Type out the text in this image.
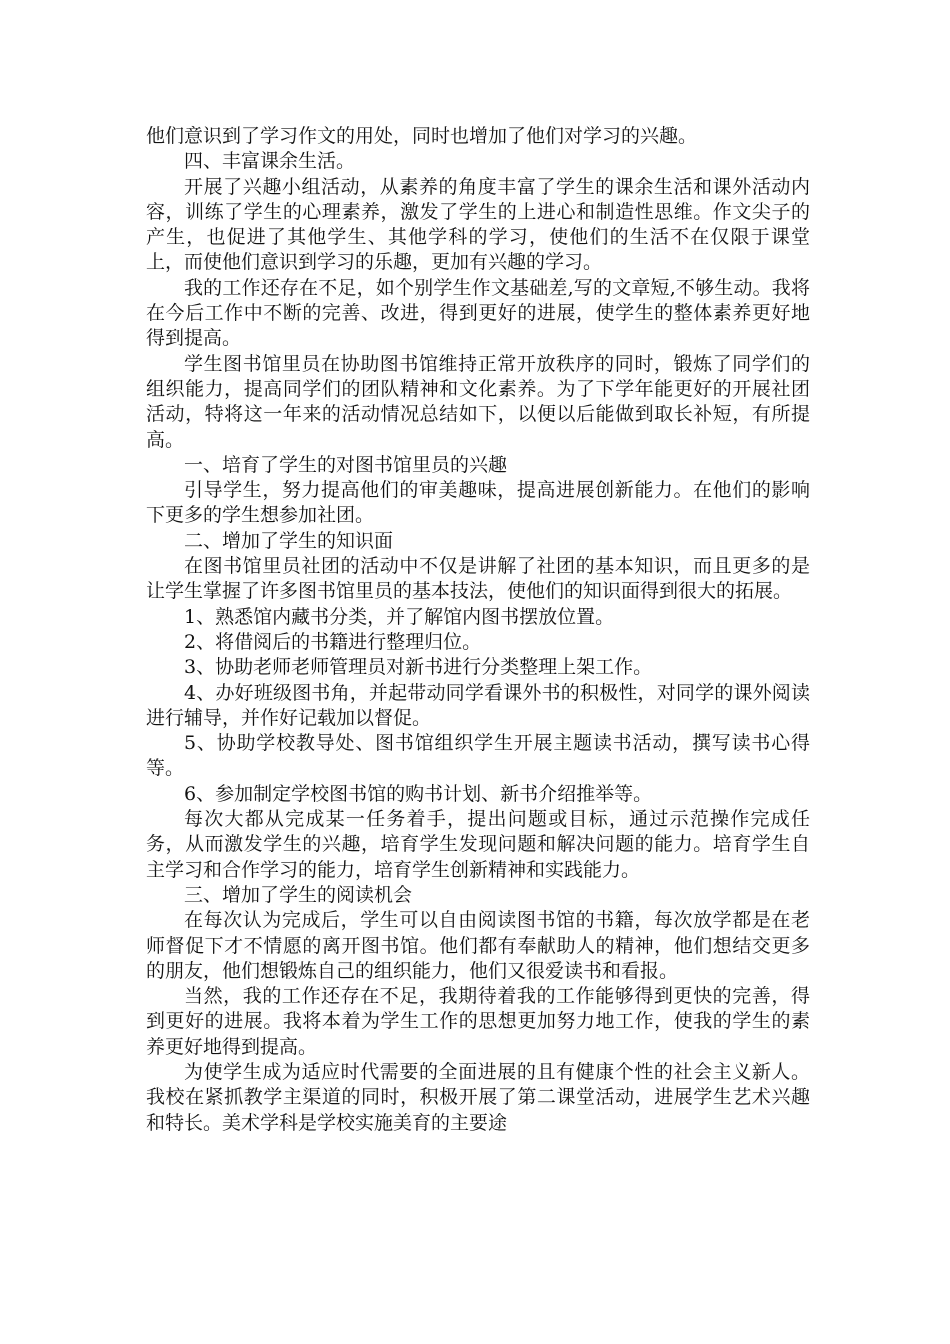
他们意识到了学习作文的用处，同时也增加了他们对学习的兴趣。

四、丰富课余生活。

开展了兴趣小组活动，从素养的角度丰富了学生的课余生活和课外活动内容，训练了学生的心理素养，激发了学生的上进心和制造性思维。作文尖子的产生，也促进了其他学生、其他学科的学习，使他们的生活不在仅限于课堂上，而使他们意识到学习的乐趣，更加有兴趣的学习。

我的工作还存在不足，如个别学生作文基础差,写的文章短,不够生动。我将在今后工作中不断的完善、改进，得到更好的进展，使学生的整体素养更好地得到提高。

学生图书馆里员在协助图书馆维持正常开放秩序的同时，锻炼了同学们的组织能力，提高同学们的团队精神和文化素养。为了下学年能更好的开展社团活动，特将这一年来的活动情况总结如下，以便以后能做到取长补短，有所提高。

一、培育了学生的对图书馆里员的兴趣

引导学生，努力提高他们的审美趣味，提高进展创新能力。在他们的影响下更多的学生想参加社团。

二、增加了学生的知识面

在图书馆里员社团的活动中不仅是讲解了社团的基本知识，而且更多的是让学生掌握了许多图书馆里员的基本技法，使他们的知识面得到很大的拓展。

1、熟悉馆内藏书分类，并了解馆内图书摆放位置。

2、将借阅后的书籍进行整理归位。

3、协助老师老师管理员对新书进行分类整理上架工作。

4、办好班级图书角，并起带动同学看课外书的积极性，对同学的课外阅读进行辅导，并作好记载加以督促。

5、协助学校教导处、图书馆组织学生开展主题读书活动，撰写读书心得等。

6、参加制定学校图书馆的购书计划、新书介绍推举等。

每次大都从完成某一任务着手，提出问题或目标，通过示范操作完成任务，从而激发学生的兴趣，培育学生发现问题和解决问题的能力。培育学生自主学习和合作学习的能力，培育学生创新精神和实践能力。

三、增加了学生的阅读机会

在每次认为完成后，学生可以自由阅读图书馆的书籍，每次放学都是在老师督促下才不情愿的离开图书馆。他们都有奉献助人的精神，他们想结交更多的朋友，他们想锻炼自己的组织能力，他们又很爱读书和看报。

当然，我的工作还存在不足，我期待着我的工作能够得到更快的完善，得到更好的进展。我将本着为学生工作的思想更加努力地工作，使我的学生的素养更好地得到提高。

为使学生成为适应时代需要的全面进展的且有健康个性的社会主义新人。我校在紧抓教学主渠道的同时，积极开展了第二课堂活动，进展学生艺术兴趣和特长。美术学科是学校实施美育的主要途
